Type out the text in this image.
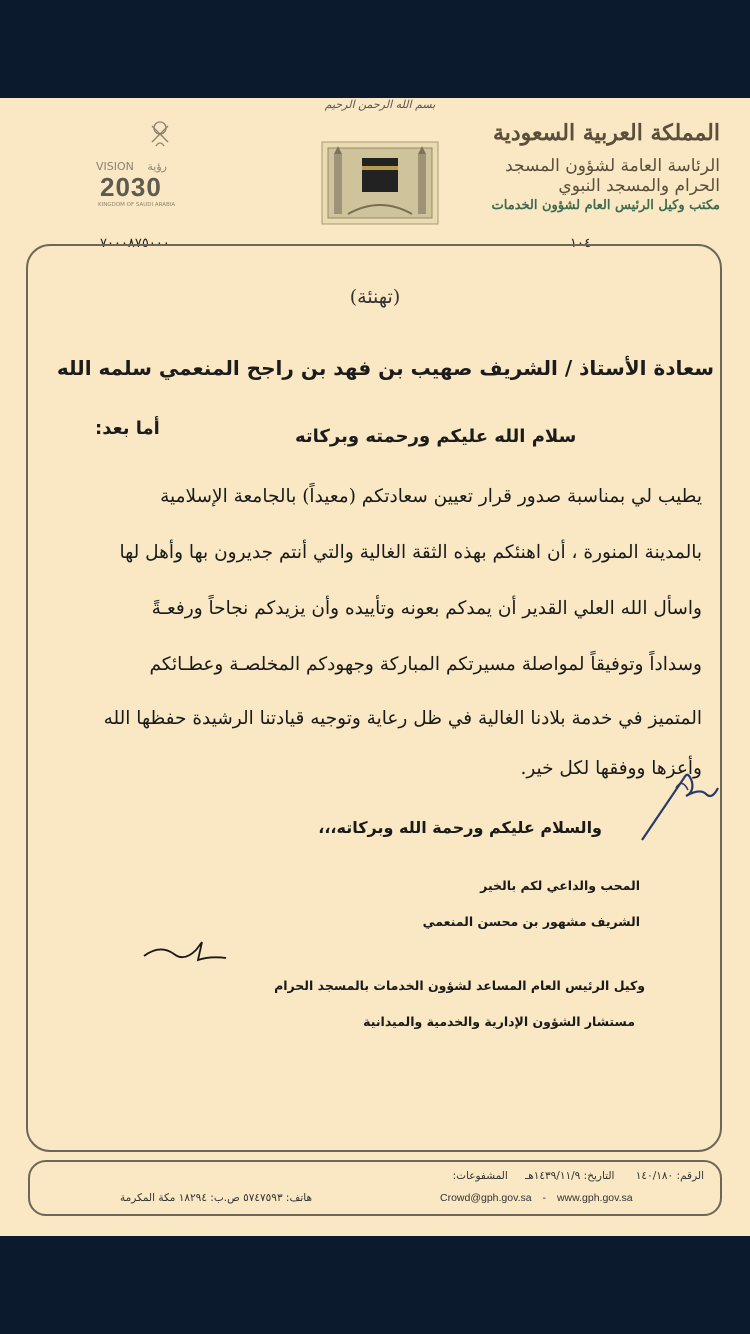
بسم الله الرحمن الرحيم
المملكة العربية السعودية
الرئاسة العامة لشؤون المسجد الحرام والمسجد النبوي
مكتب وكيل الرئيس العام لشؤون الخدمات
VISION رؤية
2030
KINGDOM OF SAUDI ARABIA
٧٠٠٠٨٧٥٠٠٠	١٠٤
(تهنئة)
سعادة الأستاذ / الشريف صهيب بن فهد بن راجح المنعمي سلمه الله
سلام الله عليكم ورحمته وبركاته
أما بعد:
يطيب لي بمناسبة صدور قرار تعيين سعادتكم (معيداً) بالجامعة الإسلامية
بالمدينة المنورة ، أن اهنئكم بهذه الثقة الغالية والتي أنتم جديرون بها وأهل لها
واسأل الله العلي القدير أن يمدكم بعونه وتأييده وأن يزيدكم نجاحاً ورفعـةً
وسداداً وتوفيقاً لمواصلة مسيرتكم المباركة وجهودكم المخلصـة وعطـائكم
المتميز في خدمة بلادنا الغالية في ظل رعاية وتوجيه قيادتنا الرشيدة حفظها الله
وأعزها ووفقها لكل خير.
والسلام عليكم ورحمة الله وبركاته،،،
المحب والداعي لكم بالخير
الشريف مشهور بن محسن المنعمي
وكيل الرئيس العام المساعد لشؤون الخدمات بالمسجد الحرام
مستشار الشؤون الإدارية والخدمية والميدانية
الرقم: ١٤٠/١٨٠ التاريخ: ١٤٣٩/١١/٩هـ المشفوعات:
هاتف: ٥٧٤٧٥٩٣ ص.ب: ١٨٢٩٤ مكة المكرمة	Crowd@gph.gov.sa - www.gph.gov.sa
